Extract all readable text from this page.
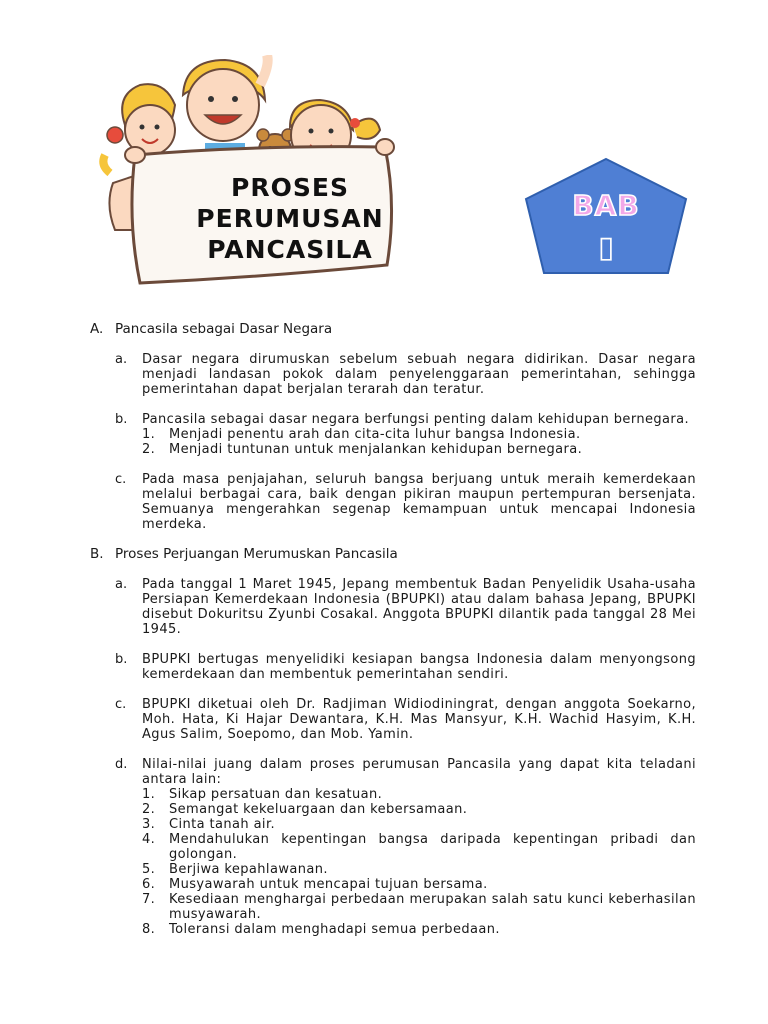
PROSES
PERUMUSAN
PANCASILA
BAB
▯
A. Pancasila sebagai Dasar Negara
a. Dasar negara dirumuskan sebelum sebuah negara didirikan. Dasar negara menjadi landasan pokok dalam penyelenggaraan pemerintahan, sehingga pemerintahan dapat berjalan terarah dan teratur.
b. Pancasila sebagai dasar negara berfungsi penting dalam kehidupan bernegara.
1. Menjadi penentu arah dan cita-cita luhur bangsa Indonesia.
2. Menjadi tuntunan untuk menjalankan kehidupan bernegara.
c. Pada masa penjajahan, seluruh bangsa berjuang untuk meraih kemerdekaan melalui berbagai cara, baik dengan pikiran maupun pertempuran bersenjata. Semuanya mengerahkan segenap kemampuan untuk mencapai Indonesia merdeka.
B. Proses Perjuangan Merumuskan Pancasila
a. Pada tanggal 1 Maret 1945, Jepang membentuk Badan Penyelidik Usaha-usaha Persiapan Kemerdekaan Indonesia (BPUPKI) atau dalam bahasa Jepang, BPUPKI disebut Dokuritsu Zyunbi Cosakal. Anggota BPUPKI dilantik pada tanggal 28 Mei 1945.
b. BPUPKI bertugas menyelidiki kesiapan bangsa Indonesia dalam menyongsong kemerdekaan dan membentuk pemerintahan sendiri.
c. BPUPKI diketuai oleh Dr. Radjiman Widiodiningrat, dengan anggota Soekarno, Moh. Hata, Ki Hajar Dewantara, K.H. Mas Mansyur, K.H. Wachid Hasyim, K.H. Agus Salim, Soepomo, dan Mob. Yamin.
d. Nilai-nilai juang dalam proses perumusan Pancasila yang dapat kita teladani antara lain:
1. Sikap persatuan dan kesatuan.
2. Semangat kekeluargaan dan kebersamaan.
3. Cinta tanah air.
4. Mendahulukan kepentingan bangsa daripada kepentingan pribadi dan golongan.
5. Berjiwa kepahlawanan.
6. Musyawarah untuk mencapai tujuan bersama.
7. Kesediaan menghargai perbedaan merupakan salah satu kunci keberhasilan musyawarah.
8. Toleransi dalam menghadapi semua perbedaan.
